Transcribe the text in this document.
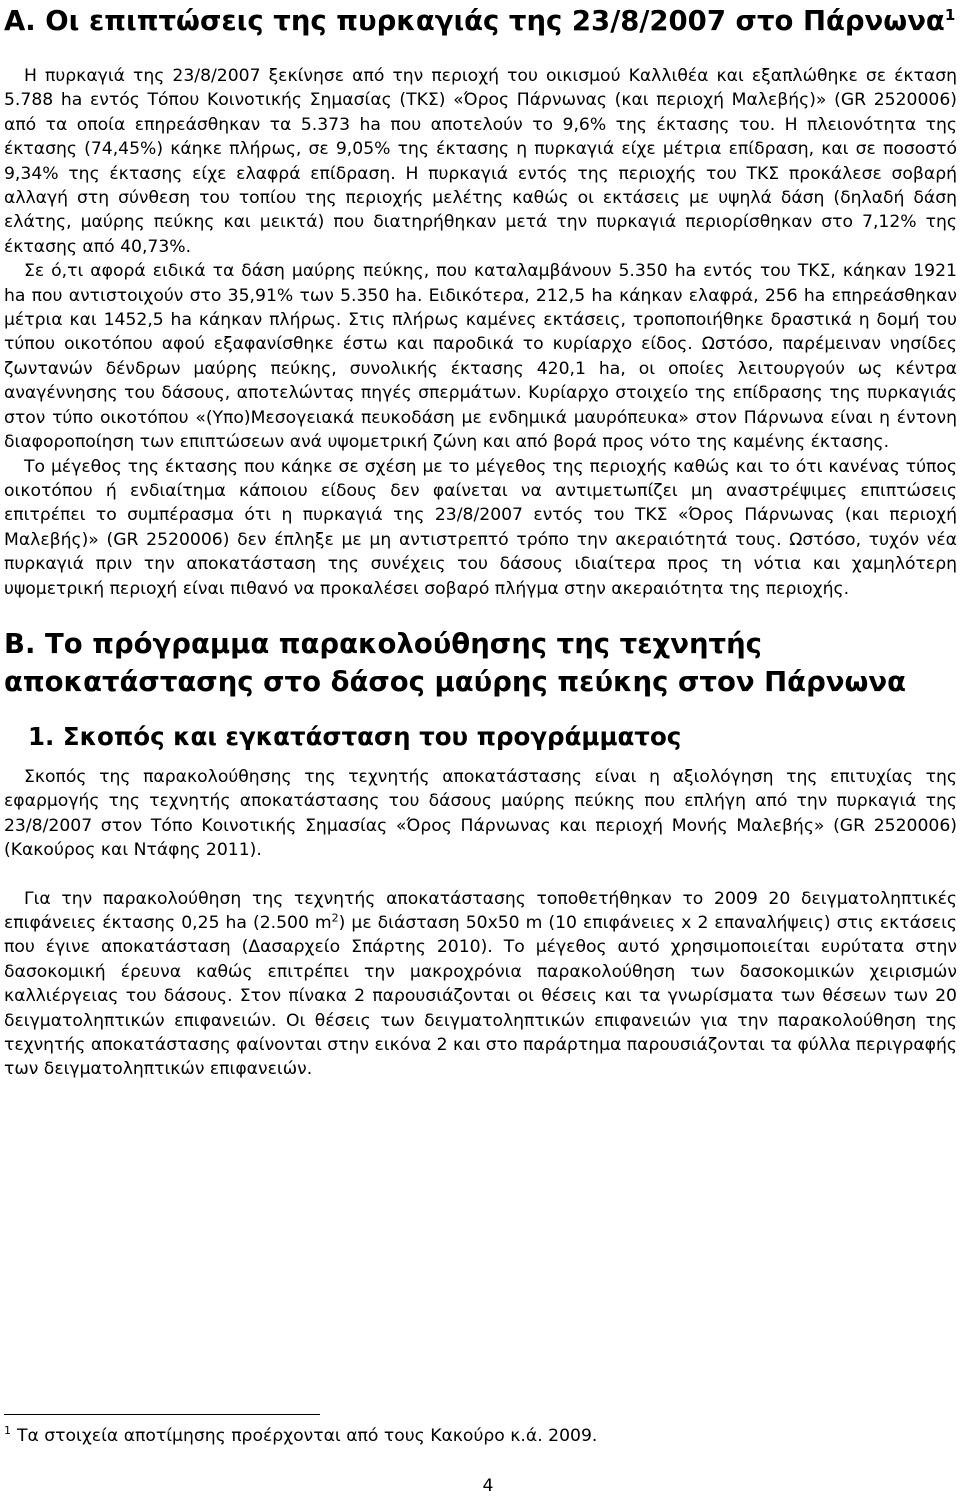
Α. Οι επιπτώσεις της πυρκαγιάς της 23/8/2007 στο Πάρνωνα$^1$

Η πυρκαγιά της 23/8/2007 ξεκίνησε από την περιοχή του οικισμού Καλλιθέα και εξαπλώθηκε σε έκταση 5.788 ha εντός Τόπου Κοινοτικής Σημασίας (ΤΚΣ) «Όρος Πάρνωνας (και περιοχή Μαλεβής)» (GR 2520006) από τα οποία επηρεάσθηκαν τα 5.373 ha που αποτελούν το 9,6% της έκτασης του. Η πλειονότητα της έκτασης (74,45%) κάηκε πλήρως, σε 9,05% της έκτασης η πυρκαγιά είχε μέτρια επίδραση, και σε ποσοστό 9,34% της έκτασης είχε ελαφρά επίδραση. Η πυρκαγιά εντός της περιοχής του ΤΚΣ προκάλεσε σοβαρή αλλαγή στη σύνθεση του τοπίου της περιοχής μελέτης καθώς οι εκτάσεις με υψηλά δάση (δηλαδή δάση ελάτης, μαύρης πεύκης και μεικτά) που διατηρήθηκαν μετά την πυρκαγιά περιορίσθηκαν στο 7,12% της έκτασης από 40,73%.

Σε ό,τι αφορά ειδικά τα δάση μαύρης πεύκης, που καταλαμβάνουν 5.350 ha εντός του ΤΚΣ, κάηκαν 1921 ha που αντιστοιχούν στο 35,91% των 5.350 ha. Ειδικότερα, 212,5 ha κάηκαν ελαφρά, 256 ha επηρεάσθηκαν μέτρια και 1452,5 ha κάηκαν πλήρως. Στις πλήρως καμένες εκτάσεις, τροποποιήθηκε δραστικά η δομή του τύπου οικοτόπου αφού εξαφανίσθηκε έστω και παροδικά το κυρίαρχο είδος. Ωστόσο, παρέμειναν νησίδες ζωντανών δένδρων μαύρης πεύκης, συνολικής έκτασης 420,1 ha, οι οποίες λειτουργούν ως κέντρα αναγέννησης του δάσους, αποτελώντας πηγές σπερμάτων. Κυρίαρχο στοιχείο της επίδρασης της πυρκαγιάς στον τύπο οικοτόπου «(Υπο)Μεσογειακά πευκοδάση με ενδημικά μαυρόπευκα» στον Πάρνωνα είναι η έντονη διαφοροποίηση των επιπτώσεων ανά υψομετρική ζώνη και από βορά προς νότο της καμένης έκτασης.

Το μέγεθος της έκτασης που κάηκε σε σχέση με το μέγεθος της περιοχής καθώς και το ότι κανένας τύπος οικοτόπου ή ενδιαίτημα κάποιου είδους δεν φαίνεται να αντιμετωπίζει μη αναστρέψιμες επιπτώσεις επιτρέπει το συμπέρασμα ότι η πυρκαγιά της 23/8/2007 εντός του ΤΚΣ «Όρος Πάρνωνας (και περιοχή Μαλεβής)» (GR 2520006) δεν έπληξε με μη αντιστρεπτό τρόπο την ακεραιότητά τους. Ωστόσο, τυχόν νέα πυρκαγιά πριν την αποκατάσταση της συνέχεις του δάσους ιδιαίτερα προς τη νότια και χαμηλότερη υψομετρική περιοχή είναι πιθανό να προκαλέσει σοβαρό πλήγμα στην ακεραιότητα της περιοχής.

Β. Το πρόγραμμα παρακολούθησης της τεχνητής αποκατάστασης στο δάσος μαύρης πεύκης στον Πάρνωνα
1. Σκοπός και εγκατάσταση του προγράμματος

Σκοπός της παρακολούθησης της τεχνητής αποκατάστασης είναι η αξιολόγηση της επιτυχίας της εφαρμογής της τεχνητής αποκατάστασης του δάσους μαύρης πεύκης που επλήγη από την πυρκαγιά της 23/8/2007 στον Τόπο Κοινοτικής Σημασίας «Όρος Πάρνωνας και περιοχή Μονής Μαλεβής» (GR 2520006) (Κακούρος και Ντάφης 2011).

Για την παρακολούθηση της τεχνητής αποκατάστασης τοποθετήθηκαν το 2009 20 δειγματοληπτικές επιφάνειες έκτασης 0,25 ha (2.500 $m^2$) με διάσταση 50x50 m (10 επιφάνειες x 2 επαναλήψεις) στις εκτάσεις που έγινε αποκατάσταση (Δασαρχείο Σπάρτης 2010). Το μέγεθος αυτό χρησιμοποιείται ευρύτατα στην δασοκομική έρευνα καθώς επιτρέπει την μακροχρόνια παρακολούθηση των δασοκομικών χειρισμών καλλιέργειας του δάσους. Στον πίνακα 2 παρουσιάζονται οι θέσεις και τα γνωρίσματα των θέσεων των 20 δειγματοληπτικών επιφανειών. Οι θέσεις των δειγματοληπτικών επιφανειών για την παρακολούθηση της τεχνητής αποκατάστασης φαίνονται στην εικόνα 2 και στο παράρτημα παρουσιάζονται τα φύλλα περιγραφής των δειγματοληπτικών επιφανειών.

$^1$ Τα στοιχεία αποτίμησης προέρχονται από τους Κακούρο κ.ά. 2009.
4
